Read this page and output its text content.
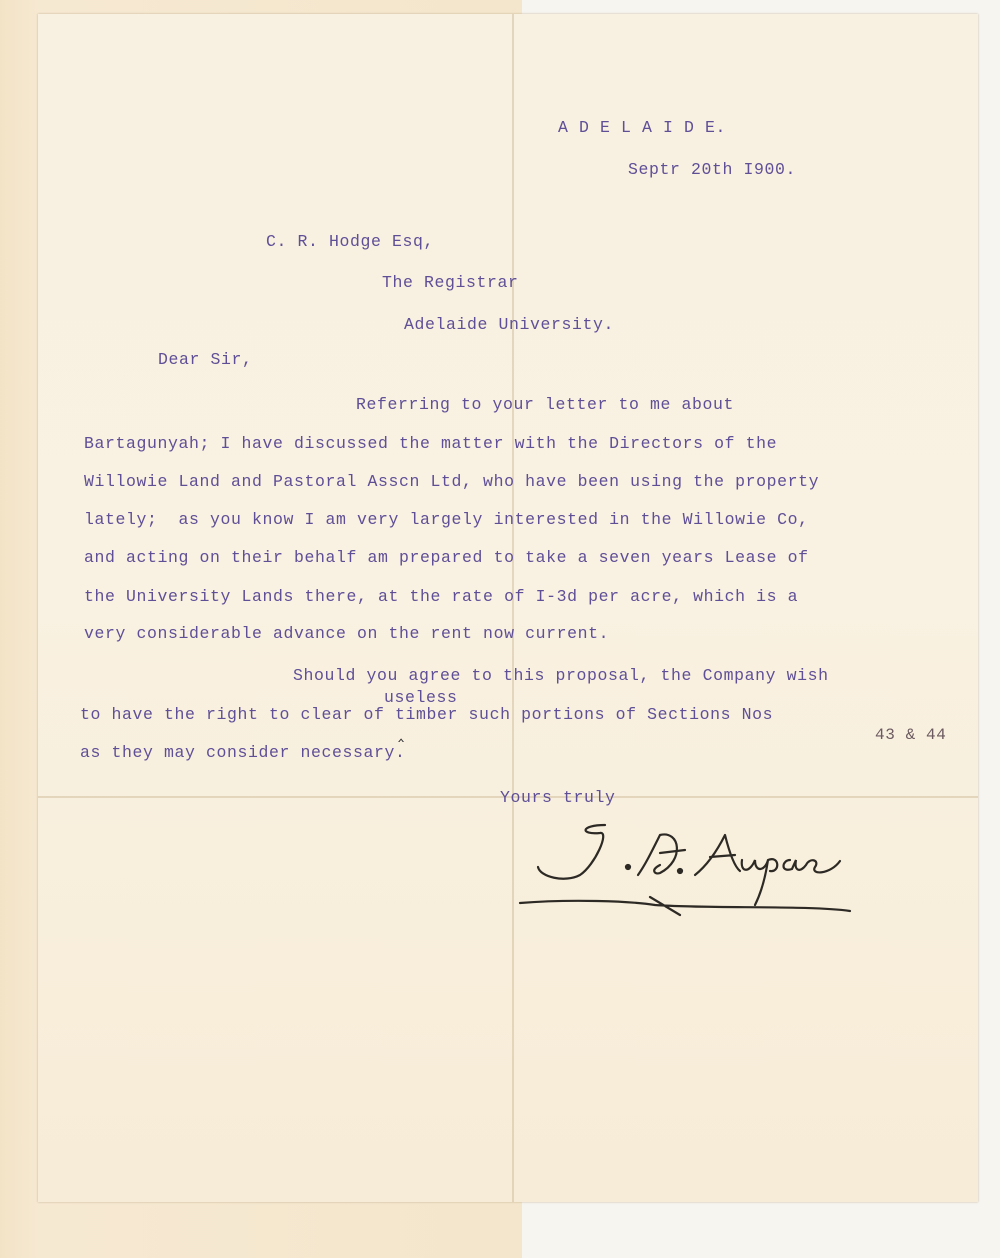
A D E L A I D E.
Septr 20th I900.
C. R. Hodge Esq,
The Registrar
Adelaide University.
Dear Sir,
Referring to your letter to me about
Bartagunyah; I have discussed the matter with the Directors of the
Willowie Land and Pastoral Asscn Ltd, who have been using the property
lately;  as you know I am very largely interested in the Willowie Co,
and acting on their behalf am prepared to take a seven years Lease of
the University Lands there, at the rate of I-3d per acre, which is a
very considerable advance on the rent now current.
Should you agree to this proposal, the Company wish
useless
to have the right to clear of timber such portions of Sections Nos
‸	43 & 44
as they may consider necessary.
Yours truly
